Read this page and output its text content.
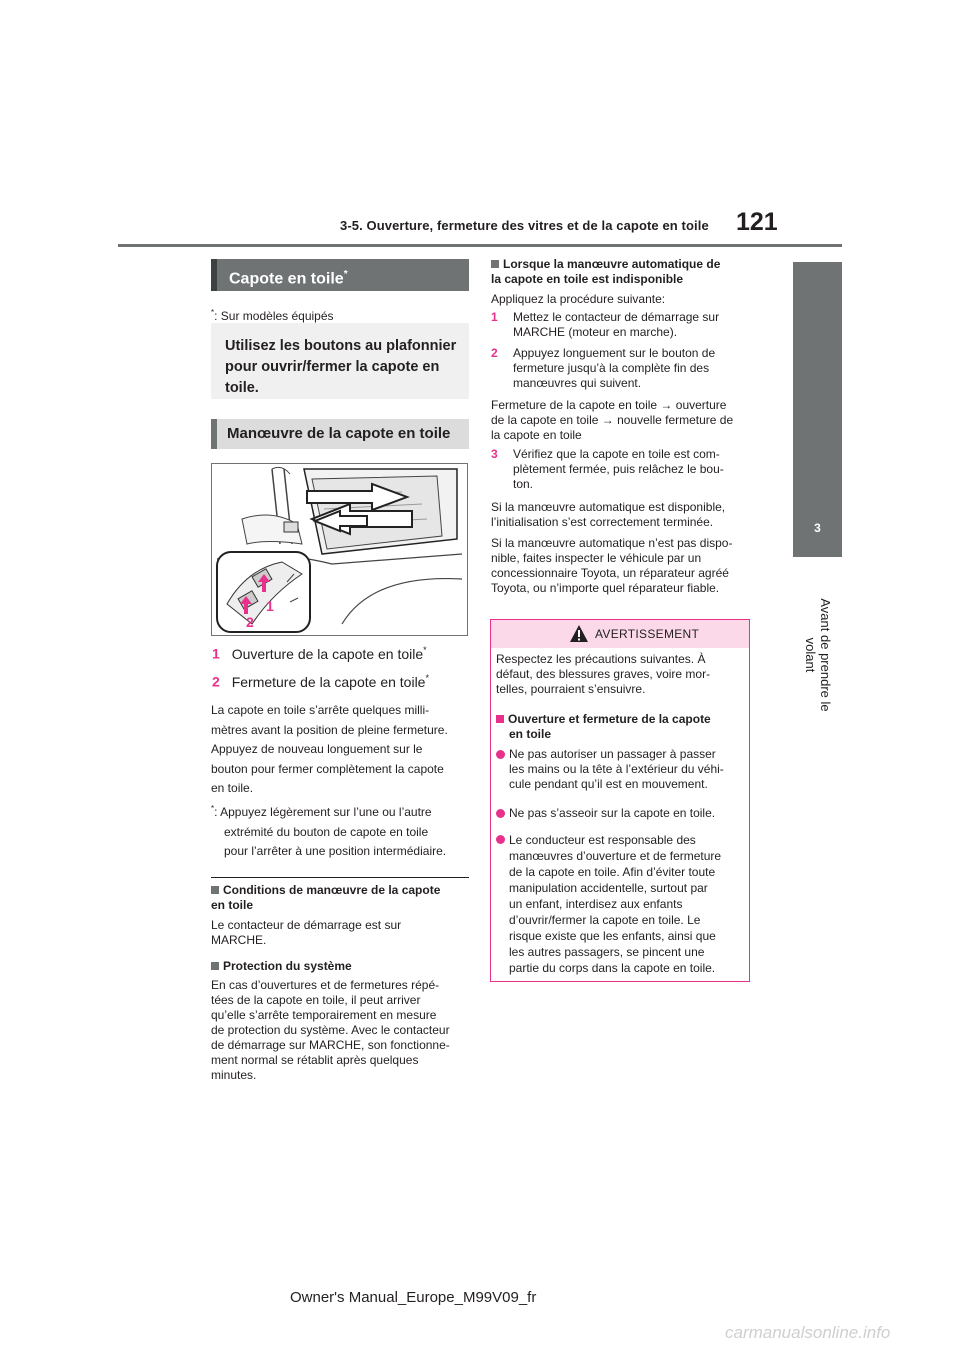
3-5. Ouverture, fermeture des vitres et de la capote en toile 121
3
Avant de prendre le volant
Capote en toile*
*: Sur modèles équipés
Utilisez les boutons au plafonnier
pour ouvrir/fermer la capote en
toile.
Manœuvre de la capote en toile
1
2
1 Ouverture de la capote en toile*
2 Fermeture de la capote en toile*
La capote en toile s’arrête quelques milli-
mètres avant la position de pleine fermeture.
Appuyez de nouveau longuement sur le
bouton pour fermer complètement la capote
en toile.
*: Appuyez légèrement sur l’une ou l’autre
extrémité du bouton de capote en toile
pour l’arrêter à une position intermédiaire.
Conditions de manœuvre de la capote
en toile
Le contacteur de démarrage est sur
MARCHE.
Protection du système
En cas d’ouvertures et de fermetures répé-
tées de la capote en toile, il peut arriver
qu’elle s’arrête temporairement en mesure
de protection du système. Avec le contacteur
de démarrage sur MARCHE, son fonctionne-
ment normal se rétablit après quelques
minutes.
Lorsque la manœuvre automatique de
la capote en toile est indisponible
Appliquez la procédure suivante:
1 Mettez le contacteur de démarrage sur
MARCHE (moteur en marche).
2 Appuyez longuement sur le bouton de
fermeture jusqu’à la complète fin des
manœuvres qui suivent.
Fermeture de la capote en toile → ouverture
de la capote en toile → nouvelle fermeture de
la capote en toile
3 Vérifiez que la capote en toile est com-
plètement fermée, puis relâchez le bou-
ton.
Si la manœuvre automatique est disponible,
l’initialisation s’est correctement terminée.
Si la manœuvre automatique n’est pas dispo-
nible, faites inspecter le véhicule par un
concessionnaire Toyota, un réparateur agréé
Toyota, ou n’importe quel réparateur fiable.
AVERTISSEMENT
Respectez les précautions suivantes. À
défaut, des blessures graves, voire mor-
telles, pourraient s’ensuivre.
Ouverture et fermeture de la capote
en toile
Ne pas autoriser un passager à passer
les mains ou la tête à l’extérieur du véhi-
cule pendant qu’il est en mouvement.
Ne pas s’asseoir sur la capote en toile.
Le conducteur est responsable des
manœuvres d’ouverture et de fermeture
de la capote en toile. Afin d’éviter toute
manipulation accidentelle, surtout par
un enfant, interdisez aux enfants
d’ouvrir/fermer la capote en toile. Le
risque existe que les enfants, ainsi que
les autres passagers, se pincent une
partie du corps dans la capote en toile.
Owner's Manual_Europe_M99V09_fr
carmanualsonline.info
